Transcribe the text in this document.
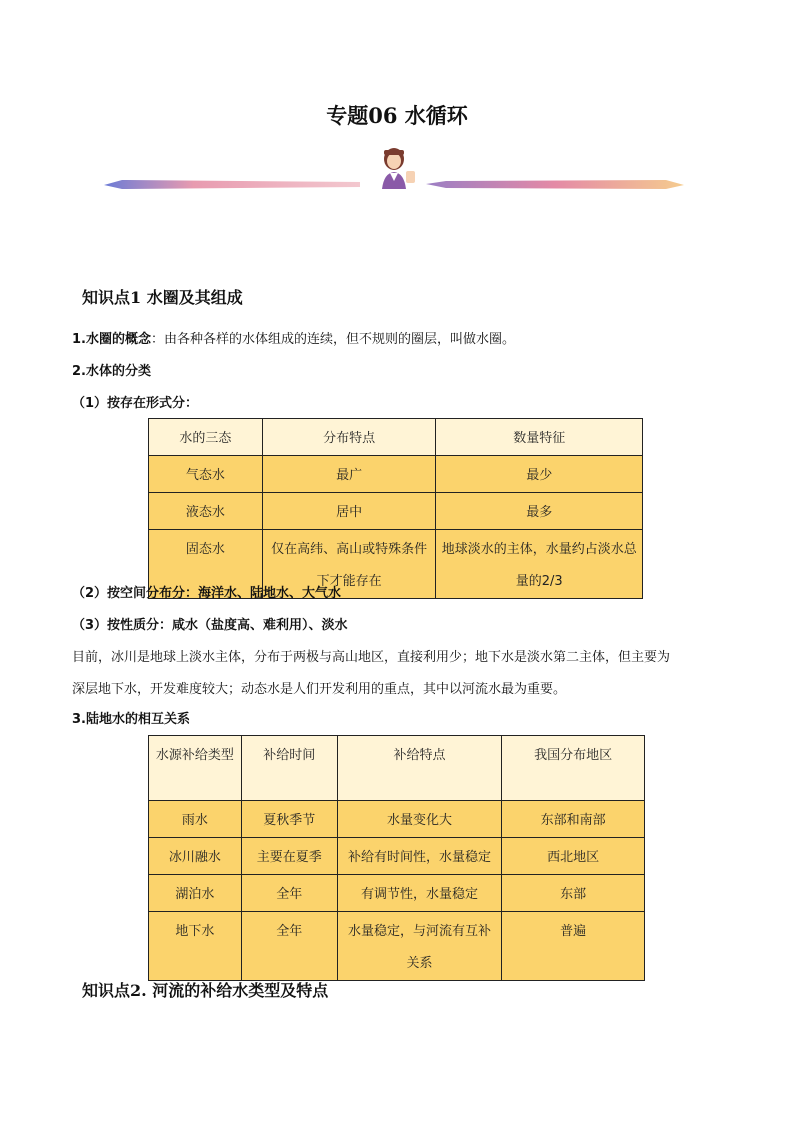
专题06 水循环
知识点1 水圈及其组成
1.水圈的概念：由各种各样的水体组成的连续，但不规则的圈层，叫做水圈。
2.水体的分类
（1）按存在形式分：
水的三态	分布特点	数量特征
气态水	最广	最少
液态水	居中	最多
固态水	仅在高纬、高山或特殊条件下才能存在	地球淡水的主体，水量约占淡水总量的2/3
（2）按空间分布分：海洋水、陆地水、大气水
（3）按性质分：咸水（盐度高、难利用）、淡水
目前，冰川是地球上淡水主体，分布于两极与高山地区，直接利用少；地下水是淡水第二主体，但主要为
深层地下水，开发难度较大；动态水是人们开发利用的重点，其中以河流水最为重要。
3.陆地水的相互关系
水源补给类型	补给时间	补给特点	我国分布地区
雨水	夏秋季节	水量变化大	东部和南部
冰川融水	主要在夏季	补给有时间性，水量稳定	西北地区
湖泊水	全年	有调节性，水量稳定	东部
地下水	全年	水量稳定，与河流有互补关系	普遍
知识点2. 河流的补给水类型及特点
